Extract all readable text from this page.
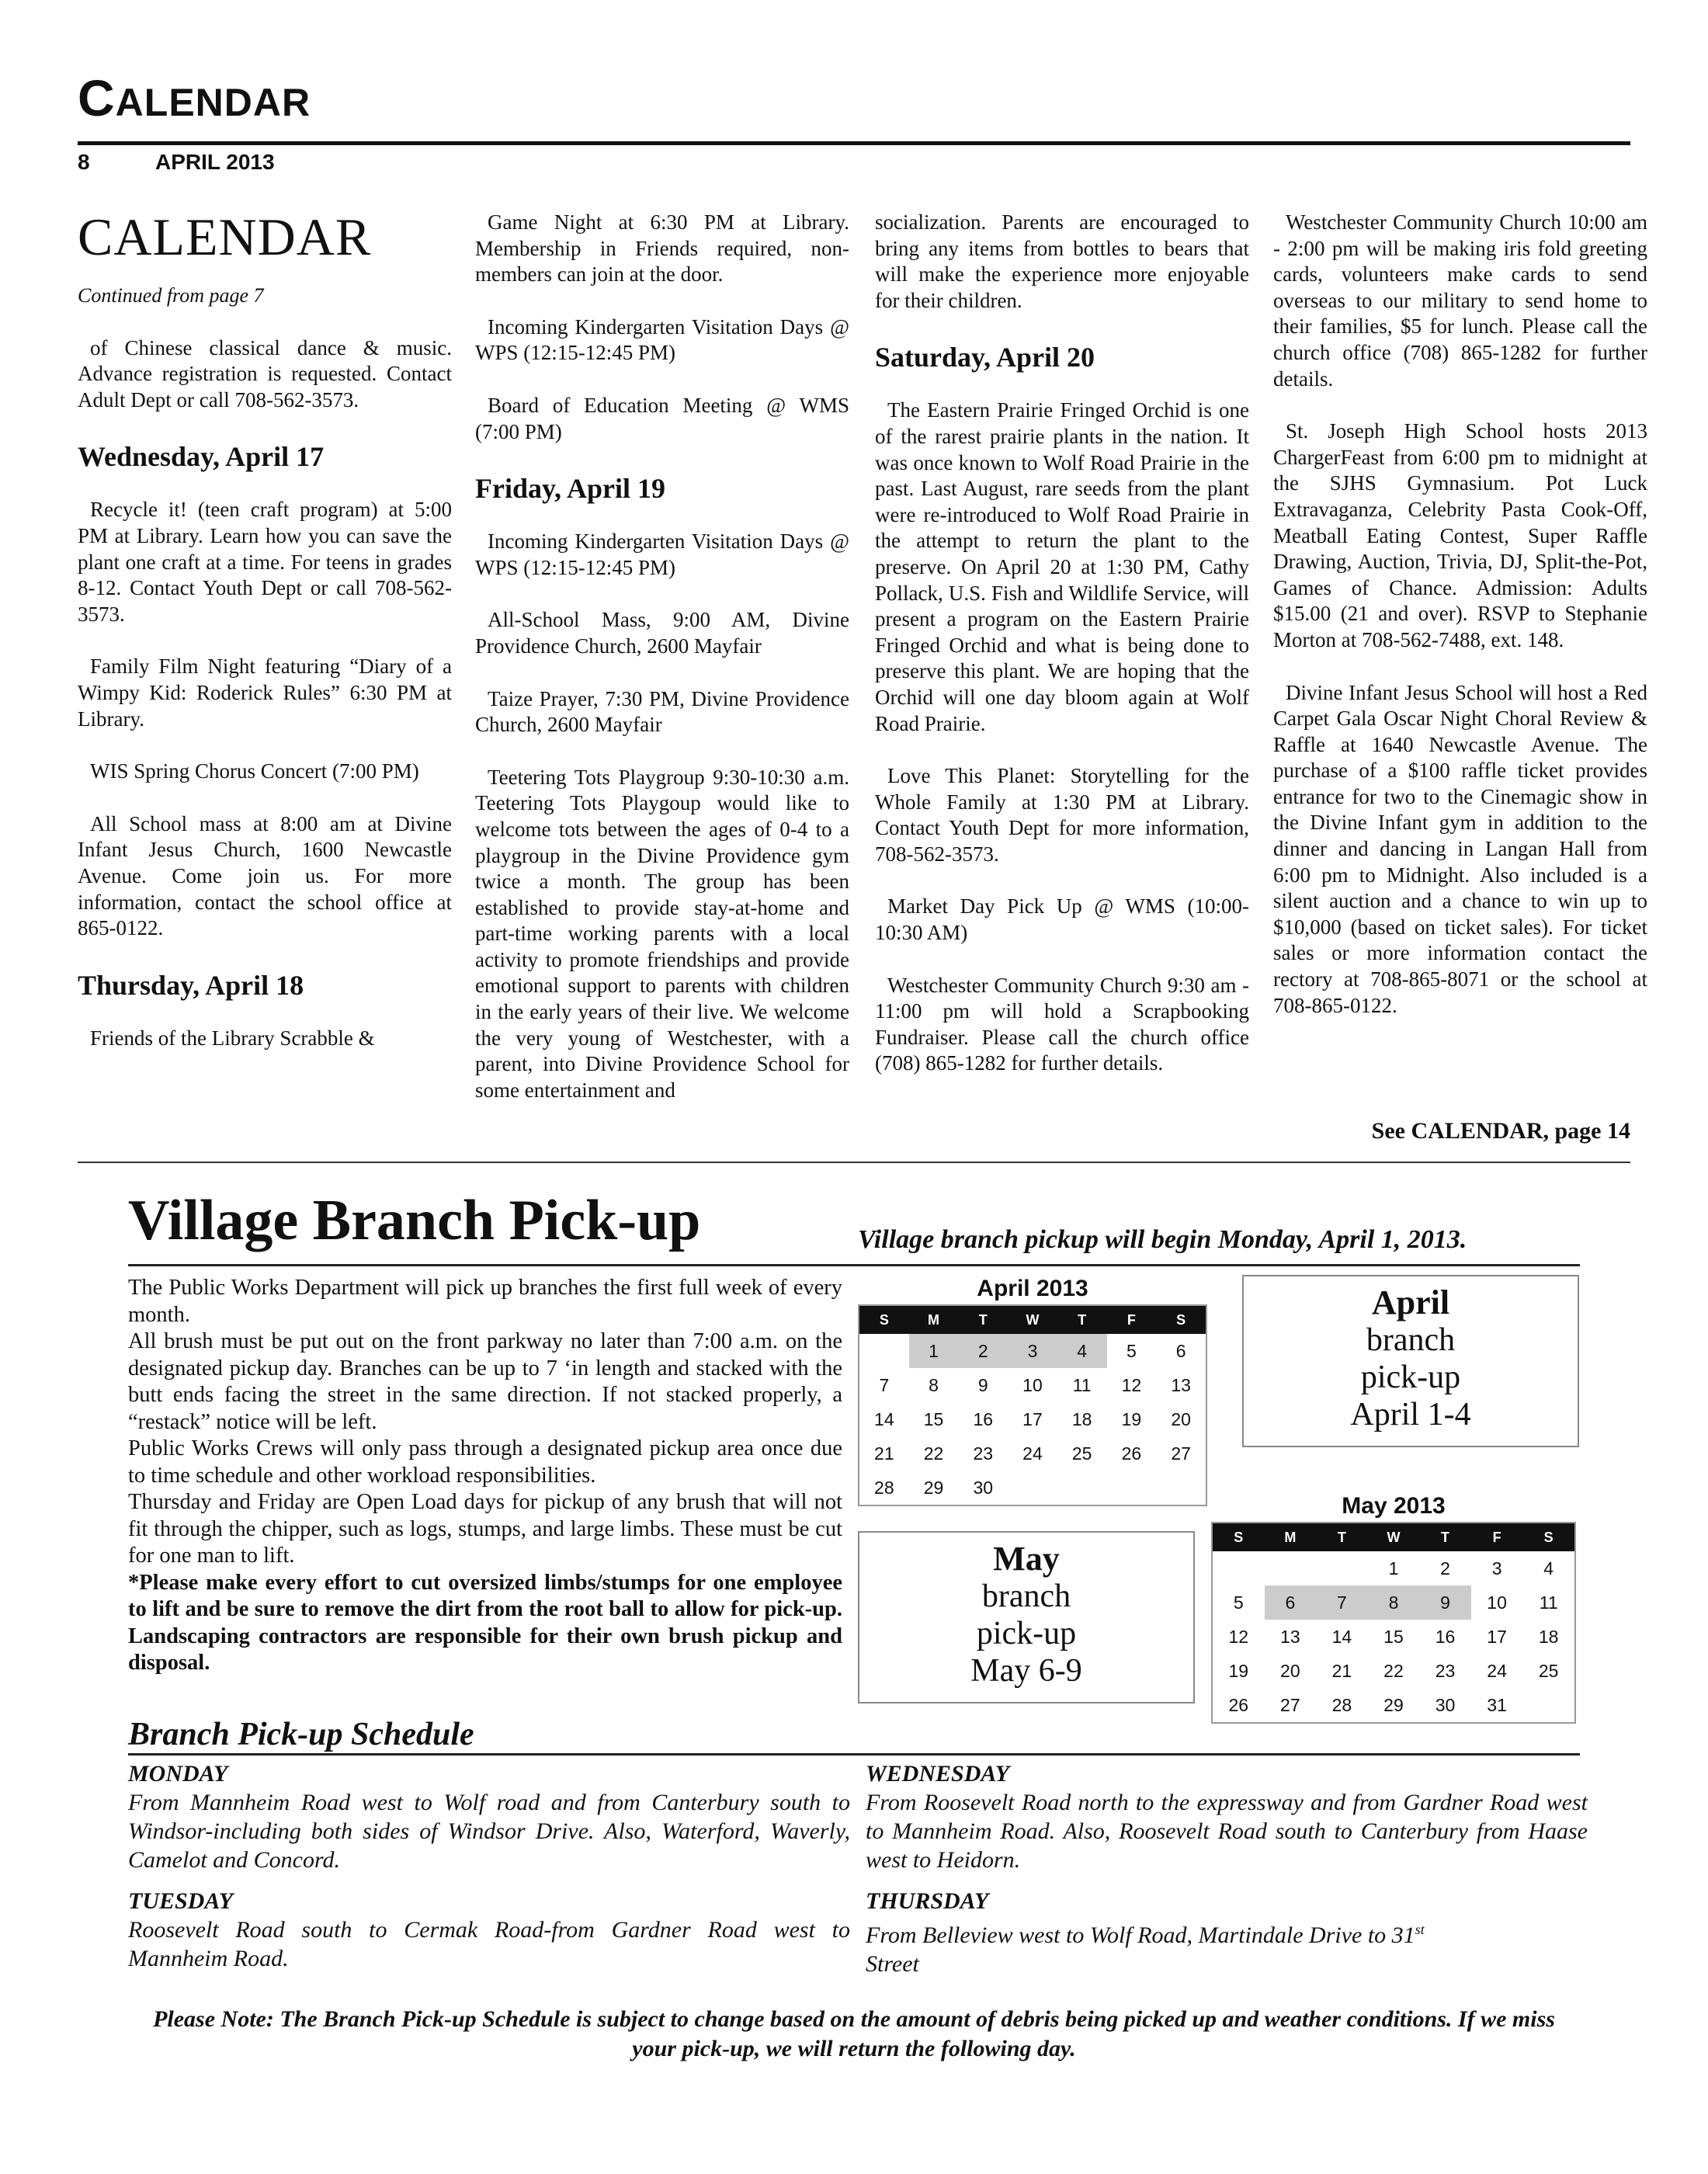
CALENDAR
8	APRIL 2013
CALENDAR

Continued from page 7

of Chinese classical dance & music. Advance registration is requested. Contact Adult Dept or call 708-562-3573.

Wednesday, April 17

Recycle it! (teen craft program) at 5:00 PM at Library. Learn how you can save the plant one craft at a time. For teens in grades 8-12. Contact Youth Dept or call 708-562-3573.

Family Film Night featuring “Diary of a Wimpy Kid: Roderick Rules” 6:30 PM at Library.

WIS Spring Chorus Concert (7:00 PM)

All School mass at 8:00 am at Divine Infant Jesus Church, 1600 Newcastle Avenue. Come join us. For more information, contact the school office at 865-0122.

Thursday, April 18

Friends of the Library Scrabble &

Game Night at 6:30 PM at Library. Membership in Friends required, non-members can join at the door.

Incoming Kindergarten Visitation Days @ WPS (12:15-12:45 PM)

Board of Education Meeting @ WMS (7:00 PM)

Friday, April 19

Incoming Kindergarten Visitation Days @ WPS (12:15-12:45 PM)

All-School Mass, 9:00 AM, Divine Providence Church, 2600 Mayfair

Taize Prayer, 7:30 PM, Divine Providence Church, 2600 Mayfair

Teetering Tots Playgroup 9:30-10:30 a.m. Teetering Tots Playgoup would like to welcome tots between the ages of 0-4 to a playgroup in the Divine Providence gym twice a month. The group has been established to provide stay-at-home and part-time working parents with a local activity to promote friendships and provide emotional support to parents with children in the early years of their live. We welcome the very young of Westchester, with a parent, into Divine Providence School for some entertainment and

socialization. Parents are encouraged to bring any items from bottles to bears that will make the experience more enjoyable for their children.

Saturday, April 20

The Eastern Prairie Fringed Orchid is one of the rarest prairie plants in the nation. It was once known to Wolf Road Prairie in the past. Last August, rare seeds from the plant were re-introduced to Wolf Road Prairie in the attempt to return the plant to the preserve. On April 20 at 1:30 PM, Cathy Pollack, U.S. Fish and Wildlife Service, will present a program on the Eastern Prairie Fringed Orchid and what is being done to preserve this plant. We are hoping that the Orchid will one day bloom again at Wolf Road Prairie.

Love This Planet: Storytelling for the Whole Family at 1:30 PM at Library. Contact Youth Dept for more information, 708-562-3573.

Market Day Pick Up @ WMS (10:00-10:30 AM)

Westchester Community Church 9:30 am - 11:00 pm will hold a Scrapbooking Fundraiser. Please call the church office (708) 865-1282 for further details.

Westchester Community Church 10:00 am - 2:00 pm will be making iris fold greeting cards, volunteers make cards to send overseas to our military to send home to their families, $5 for lunch. Please call the church office (708) 865-1282 for further details.

St. Joseph High School hosts 2013 ChargerFeast from 6:00 pm to midnight at the SJHS Gymnasium. Pot Luck Extravaganza, Celebrity Pasta Cook-Off, Meatball Eating Contest, Super Raffle Drawing, Auction, Trivia, DJ, Split-the-Pot, Games of Chance. Admission: Adults $15.00 (21 and over). RSVP to Stephanie Morton at 708-562-7488, ext. 148.

Divine Infant Jesus School will host a Red Carpet Gala Oscar Night Choral Review & Raffle at 1640 Newcastle Avenue. The purchase of a $100 raffle ticket provides entrance for two to the Cinemagic show in the Divine Infant gym in addition to the dinner and dancing in Langan Hall from 6:00 pm to Midnight. Also included is a silent auction and a chance to win up to $10,000 (based on ticket sales). For ticket sales or more information contact the rectory at 708-865-8071 or the school at 708-865-0122.

See CALENDAR, page 14
Village Branch Pick-up	Village branch pickup will begin Monday, April 1, 2013.

The Public Works Department will pick up branches the first full week of every month.

All brush must be put out on the front parkway no later than 7:00 a.m. on the designated pickup day. Branches can be up to 7 ‘in length and stacked with the butt ends facing the street in the same direction. If not stacked properly, a “restack” notice will be left.

Public Works Crews will only pass through a designated pickup area once due to time schedule and other workload responsibilities.

Thursday and Friday are Open Load days for pickup of any brush that will not fit through the chipper, such as logs, stumps, and large limbs. These must be cut for one man to lift.

*Please make every effort to cut oversized limbs/stumps for one employee to lift and be sure to remove the dirt from the root ball to allow for pick-up. Landscaping contractors are responsible for their own brush pickup and disposal.

April 2013
S	M	T	W	T	F	S
	1	2	3	4	5	6
7	8	9	10	11	12	13
14	15	16	17	18	19	20
21	22	23	24	25	26	27
28	29	30				
April
branch
pick-up
April 1-4
May
branch
pick-up
May 6-9
May 2013
S	M	T	W	T	F	S
			1	2	3	4
5	6	7	8	9	10	11
12	13	14	15	16	17	18
19	20	21	22	23	24	25
26	27	28	29	30	31	
Branch Pick-up Schedule
MONDAY
From Mannheim Road west to Wolf road and from Canterbury south to Windsor-including both sides of Windsor Drive. Also, Waterford, Waverly, Camelot and Concord.
WEDNESDAY
From Roosevelt Road north to the expressway and from Gardner Road west to Mannheim Road. Also, Roosevelt Road south to Canterbury from Haase west to Heidorn.
TUESDAY
Roosevelt Road south to Cermak Road-from Gardner Road west to Mannheim Road.
THURSDAY
From Belleview west to Wolf Road, Martindale Drive to 31st
Street
Please Note: The Branch Pick-up Schedule is subject to change based on the amount of debris being picked up and weather conditions. If we miss your pick-up, we will return the following day.
